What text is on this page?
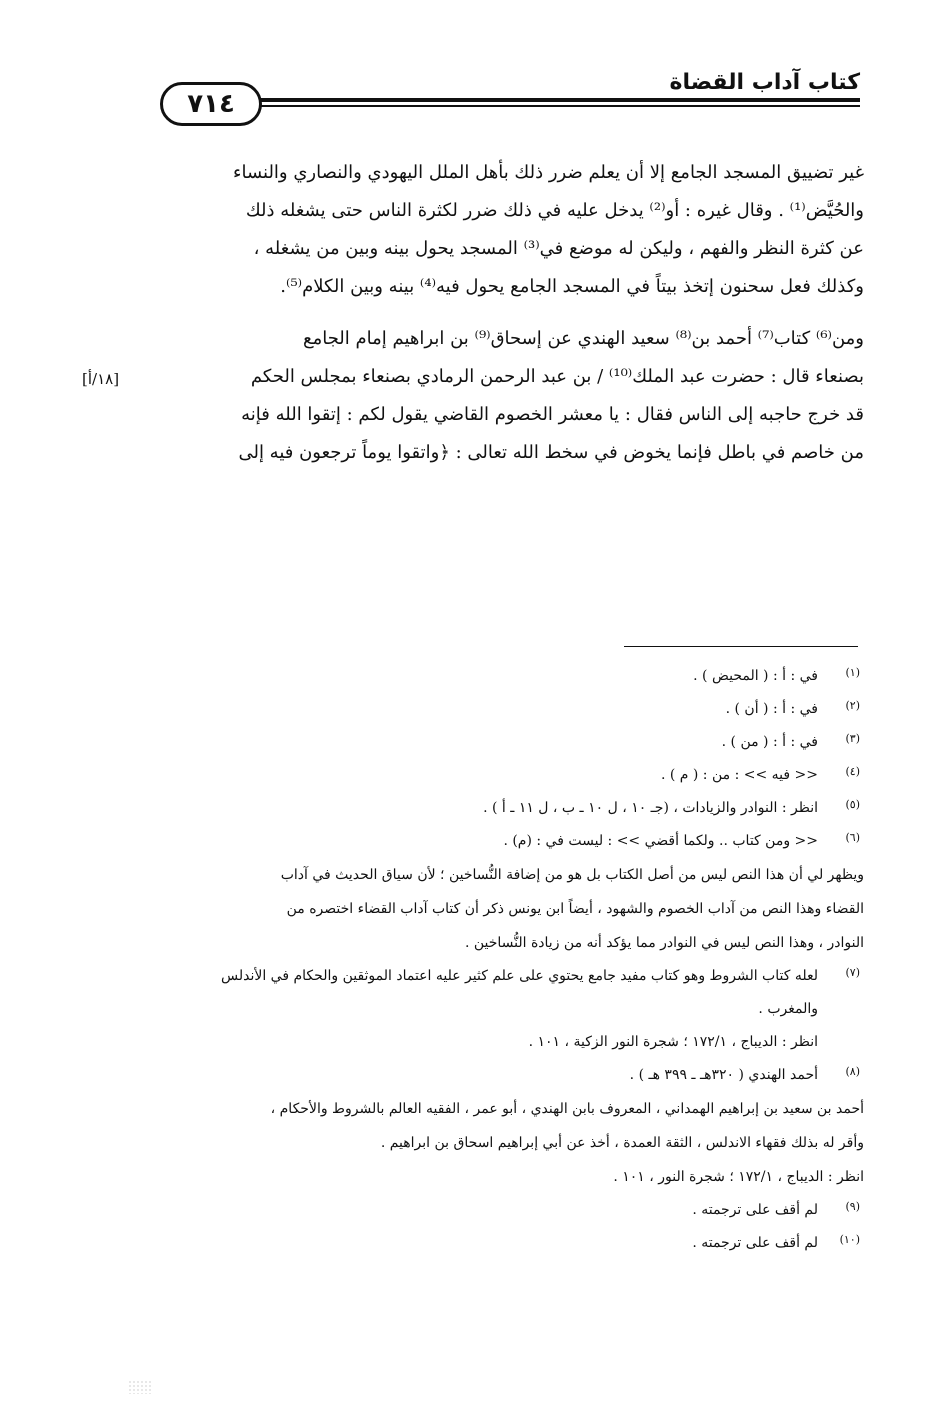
كتاب آداب القضاة
٧١٤
[١٨/أ]

غير تضييق المسجد الجامع إلا أن يعلم ضرر ذلك بأهل الملل اليهودي والنصاري والنساء
والحُيَّض⁽¹⁾ . وقال غيره : أو⁽²⁾ يدخل عليه في ذلك ضرر لكثرة الناس حتى يشغله ذلك
عن كثرة النظر والفهم ، وليكن له موضع في⁽³⁾ المسجد يحول بينه وبين من يشغله ،
وكذلك فعل سحنون إتخذ بيتاً في المسجد الجامع يحول فيه⁽⁴⁾ بينه وبين الكلام⁽⁵⁾.

ومن⁽⁶⁾ كتاب⁽⁷⁾ أحمد بن⁽⁸⁾ سعيد الهندي عن إسحاق⁽⁹⁾ بن ابراهيم إمام الجامع
بصنعاء قال : حضرت عبد الملك⁽¹⁰⁾ / بن عبد الرحمن الرمادي بصنعاء بمجلس الحكم
قد خرج حاجبه إلى الناس فقال : يا معشر الخصوم القاضي يقول لكم : إتقوا الله فإنه
من خاصم في باطل فإنما يخوض في سخط الله تعالى : ﴿واتقوا يوماً ترجعون فيه إلى

(١)
في : أ : ( المحيض ) .
(٢)
في : أ : ( أن ) .
(٣)
في : أ : ( من ) .
(٤)
<< فيه >> : من : ( م ) .
(٥)
انظر : النوادر والزيادات ، (جـ ١٠ ، ل ١٠ ـ ب ، ل ١١ ـ أ ) .
(٦)
<< ومن كتاب .. ولكما أقضي >> : ليست في : (م) .
ويظهر لي أن هذا النص ليس من أصل الكتاب بل هو من إضافة النُّساخين ؛ لأن سياق الحديث في آداب
القضاء وهذا النص من آداب الخصوم والشهود ، أيضاً ابن يونس ذكر أن كتاب آداب القضاء اختصره من
النوادر ، وهذا النص ليس في النوادر مما يؤكد أنه من زيادة النُّساخين .
(٧)
لعله كتاب الشروط وهو كتاب مفيد جامع يحتوي على علم كثير عليه اعتماد الموثقين والحكام في الأندلس
والمغرب .
انظر : الديباج ، ١٧٢/١ ؛ شجرة النور الزكية ، ١٠١ .
(٨)
أحمد الهندي ( ٣٢٠هـ ـ ٣٩٩ هـ ) .
أحمد بن سعيد بن إبراهيم الهمداني ، المعروف بابن الهندي ، أبو عمر ، الفقيه العالم بالشروط والأحكام ،
وأقر له بذلك فقهاء الاندلس ، الثقة العمدة ، أخذ عن أبي إبراهيم اسحاق بن ابراهيم .
انظر : الديباج ، ١٧٢/١ ؛ شجرة النور ، ١٠١ .
(٩)
لم أقف على ترجمته .
(١٠)
لم أقف على ترجمته .
